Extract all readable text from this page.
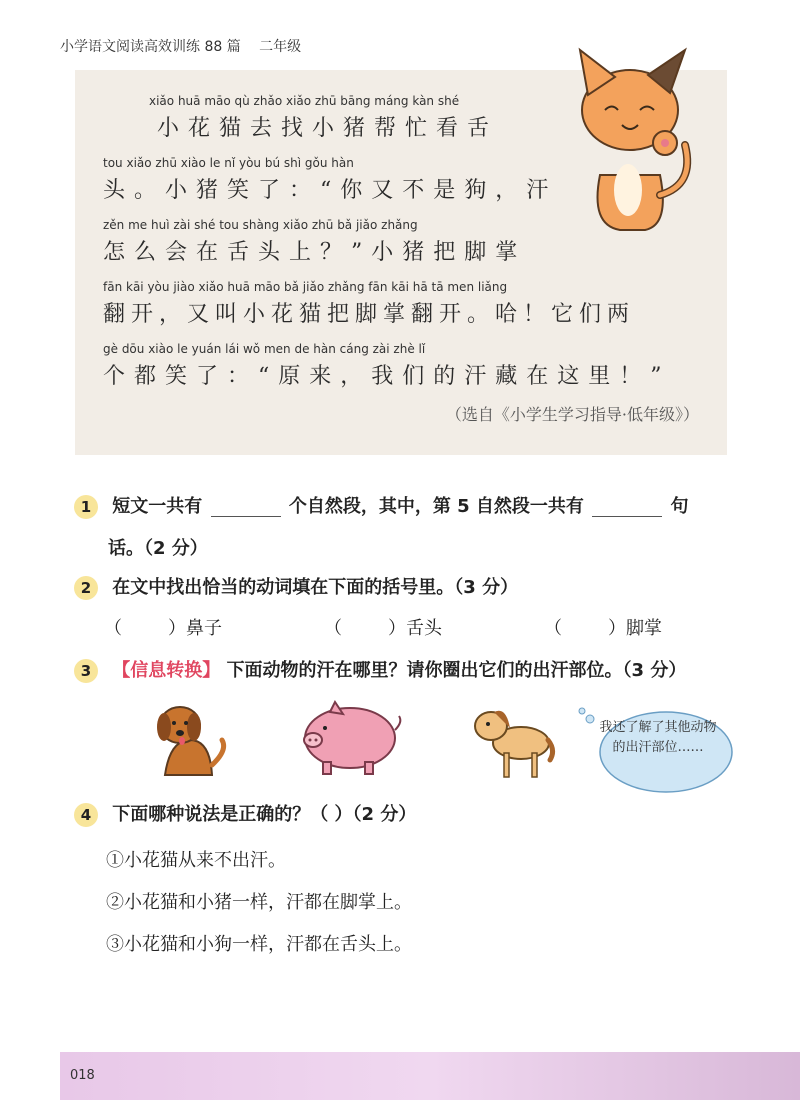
小学语文阅读高效训练 88 篇 二年级
xiǎo huā māo qù zhǎo xiǎo zhū bāng máng kàn shé
小花猫去找小猪帮忙看舌
tou xiǎo zhū xiào le nǐ yòu bú shì gǒu hàn
头。小猪笑了：“你又不是狗，汗
zěn me huì zài shé tou shàng xiǎo zhū bǎ jiǎo zhǎng
怎么会在舌头上？”小猪把脚掌
fān kāi yòu jiào xiǎo huā māo bǎ jiǎo zhǎng fān kāi hā tā men liǎng
翻开，又叫小花猫把脚掌翻开。哈！它们两
gè dōu xiào le yuán lái wǒ men de hàn cáng zài zhè lǐ
个都笑了：“原来，我们的汗藏在这里！”
（选自《小学生学习指导·低年级》）
1 短文一共有	个自然段，其中，第 5 自然段一共有	句
话。（2 分）
2 在文中找出恰当的动词填在下面的括号里。（3 分）
（	）鼻子	（	）舌头	（	）脚掌
3 【信息转换】 下面动物的汗在哪里？请你圈出它们的出汗部位。（3 分）
我还了解了其他动物的出汗部位……
4 下面哪种说法是正确的？（ ）（2 分）
①小花猫从来不出汗。
②小花猫和小猪一样，汗都在脚掌上。
③小花猫和小狗一样，汗都在舌头上。
018
